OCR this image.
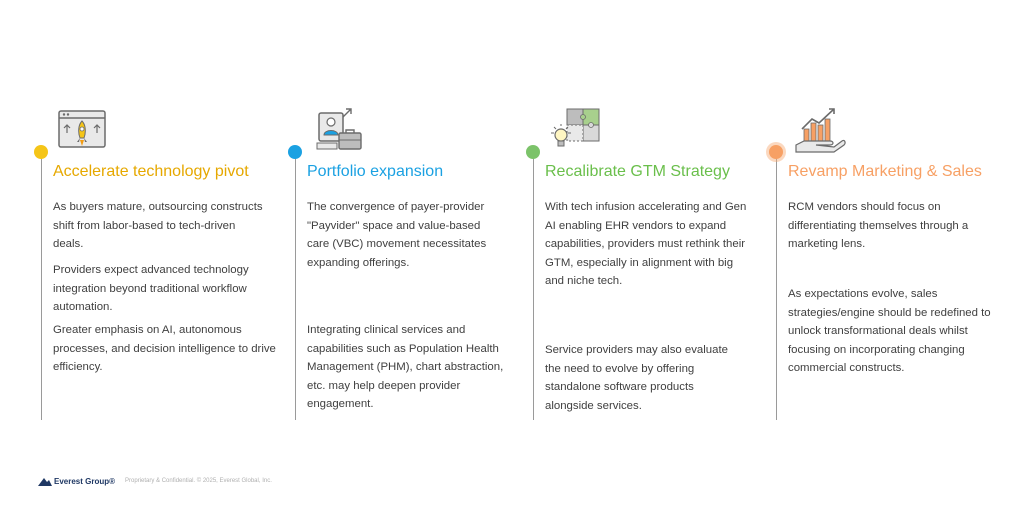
Accelerate technology pivot

As buyers mature, outsourcing constructs shift from labor-based to tech-driven deals.

Providers expect advanced technology integration beyond traditional workflow automation.

Greater emphasis on AI, autonomous processes, and decision intelligence to drive efficiency.

Portfolio expansion

The convergence of payer-provider "Payvider" space and value-based care (VBC) movement necessitates expanding offerings.

Integrating clinical services and capabilities such as Population Health Management (PHM), chart abstraction, etc. may help deepen provider engagement.

Recalibrate GTM Strategy

With tech infusion accelerating and Gen AI enabling EHR vendors to expand capabilities, providers must rethink their GTM, especially in alignment with big and niche tech.

Service providers may also evaluate the need to evolve by offering standalone software products alongside services.

Revamp Marketing & Sales

RCM vendors should focus on differentiating themselves through a marketing lens.

As expectations evolve, sales strategies/engine should be redefined to unlock transformational deals whilst focusing on incorporating changing commercial constructs.

Everest Group® Proprietary & Confidential. © 2025, Everest Global, Inc.
